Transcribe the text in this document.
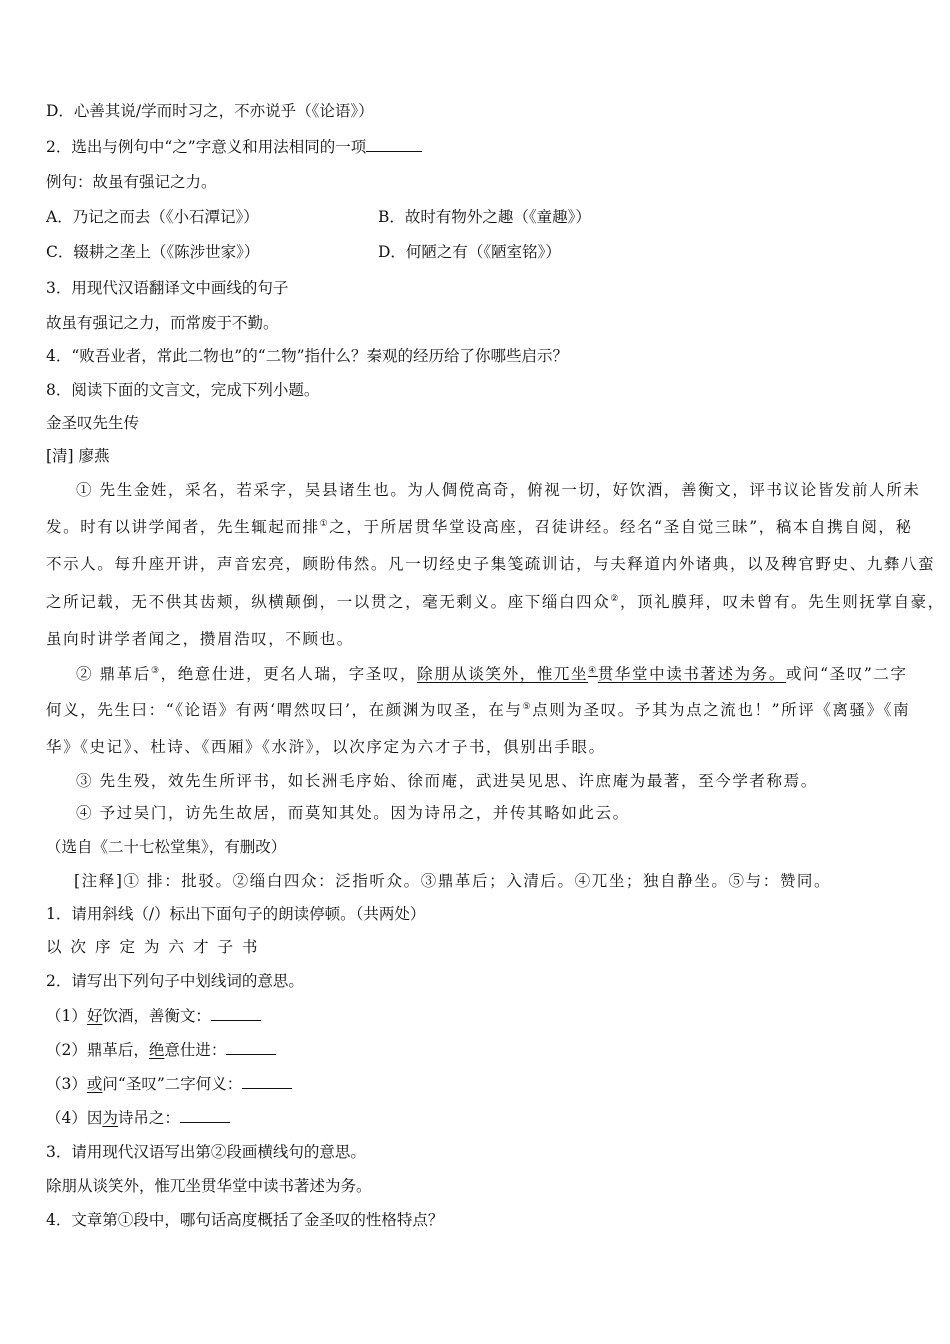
D．心善其说/学而时习之，不亦说乎（《论语》）
2．选出与例句中“之”字意义和用法相同的一项
例句：故虽有强记之力。
A．乃记之而去（《小石潭记》）	B．故时有物外之趣（《童趣》）
C．辍耕之垄上（《陈涉世家》）	D．何陋之有（《陋室铭》）
3．用现代汉语翻译文中画线的句子
故虽有强记之力，而常废于不勤。
4．“败吾业者，常此二物也”的“二物”指什么？秦观的经历给了你哪些启示？
8．阅读下面的文言文，完成下列小题。
金圣叹先生传
[清] 廖燕
① 先生金姓，采名，若采字，吴县诸生也。为人倜傥高奇，俯视一切，好饮酒，善衡文，评书议论皆发前人所未
发。时有以讲学闻者，先生辄起而排①之，于所居贯华堂设高座，召徒讲经。经名“圣自觉三昧”，稿本自携自阅，秘
不示人。每升座开讲，声音宏亮，顾盼伟然。凡一切经史子集笺疏训诂，与夫释道内外诸典，以及稗官野史、九彝八蛮
之所记载，无不供其齿颊，纵横颠倒，一以贯之，毫无剩义。座下缁白四众②，顶礼膜拜，叹未曾有。先生则抚掌自豪，
虽向时讲学者闻之，攒眉浩叹，不顾也。
② 鼎革后③，绝意仕进，更名人瑞，字圣叹，除朋从谈笑外，惟兀坐④贯华堂中读书著述为务。或问“圣叹”二字
何义，先生曰：“《论语》有两‘喟然叹曰’，在颜渊为叹圣，在与⑤点则为圣叹。予其为点之流也！”所评《离骚》《南
华》《史记》、杜诗、《西厢》《水浒》，以次序定为六才子书，俱别出手眼。
③ 先生殁，效先生所评书，如长洲毛序始、徐而庵，武进吴见思、许庶庵为最著，至今学者称焉。
④ 予过吴门，访先生故居，而莫知其处。因为诗吊之，并传其略如此云。
（选自《二十七松堂集》，有删改）
[注释]① 排：批驳。②缁白四众：泛指听众。③鼎革后；入清后。④兀坐；独自静坐。⑤与：赞同。
1．请用斜线（/）标出下面句子的朗读停顿。（共两处）
以次序定为六才子书
2．请写出下列句子中划线词的意思。
（1）好饮酒，善衡文：
（2）鼎革后，绝意仕进：
（3）或问“圣叹”二字何义：
（4）因为诗吊之：
3．请用现代汉语写出第②段画横线句的意思。
除朋从谈笑外，惟兀坐贯华堂中读书著述为务。
4．文章第①段中，哪句话高度概括了金圣叹的性格特点？
